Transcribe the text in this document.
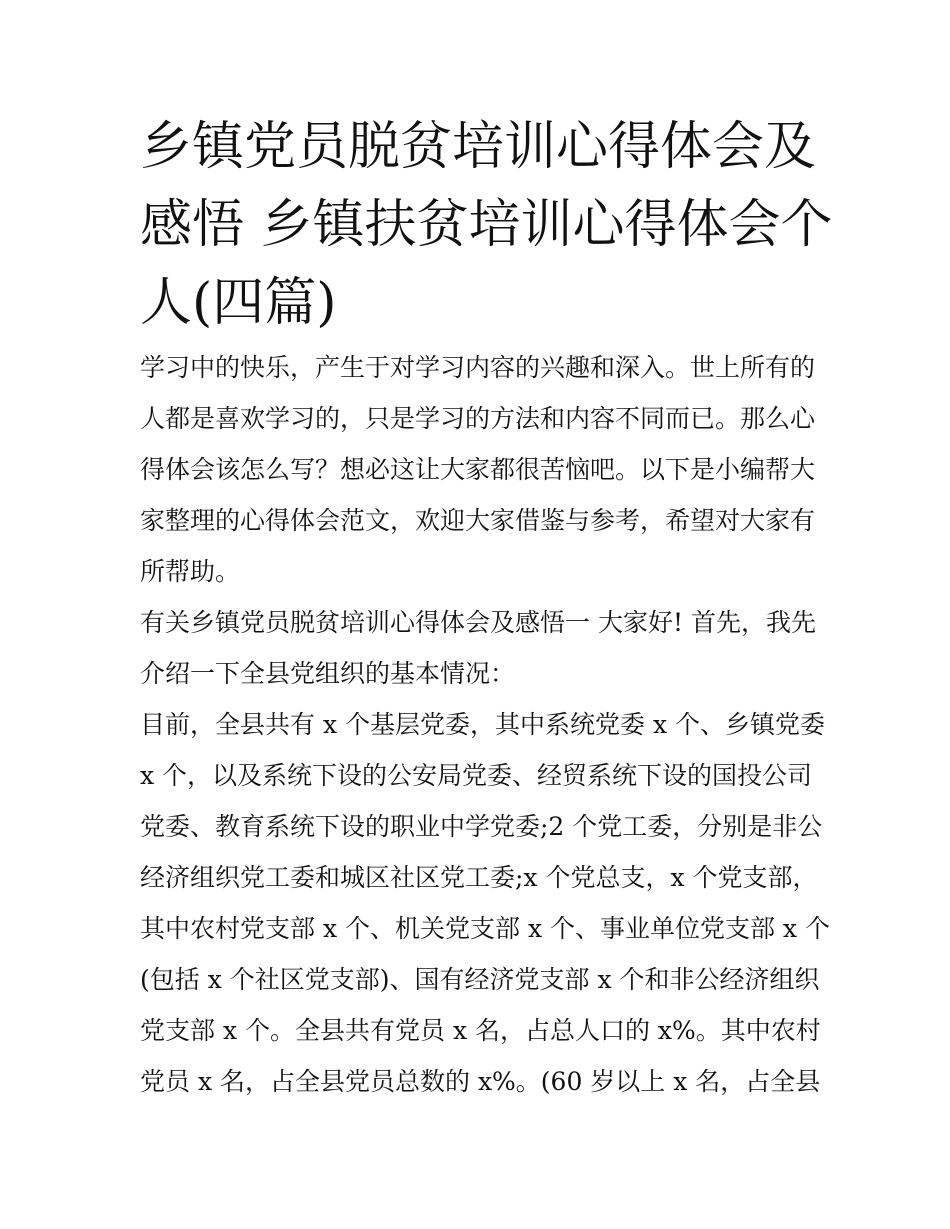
乡镇党员脱贫培训心得体会及
感悟 乡镇扶贫培训心得体会个
人(四篇)

学习中的快乐，产生于对学习内容的兴趣和深入。世上所有的
人都是喜欢学习的，只是学习的方法和内容不同而已。那么心
得体会该怎么写？想必这让大家都很苦恼吧。以下是小编帮大
家整理的心得体会范文，欢迎大家借鉴与参考，希望对大家有
所帮助。

有关乡镇党员脱贫培训心得体会及感悟一 大家好! 首先，我先
介绍一下全县党组织的基本情况：

目前，全县共有 x 个基层党委，其中系统党委 x 个、乡镇党委
x 个，以及系统下设的公安局党委、经贸系统下设的国投公司
党委、教育系统下设的职业中学党委;2 个党工委，分别是非公
经济组织党工委和城区社区党工委;x 个党总支，x 个党支部，
其中农村党支部 x 个、机关党支部 x 个、事业单位党支部 x 个
(包括 x 个社区党支部)、国有经济党支部 x 个和非公经济组织
党支部 x 个。全县共有党员 x 名，占总人口的 x%。其中农村
党员 x 名，占全县党员总数的 x%。(60 岁以上 x 名，占全县
